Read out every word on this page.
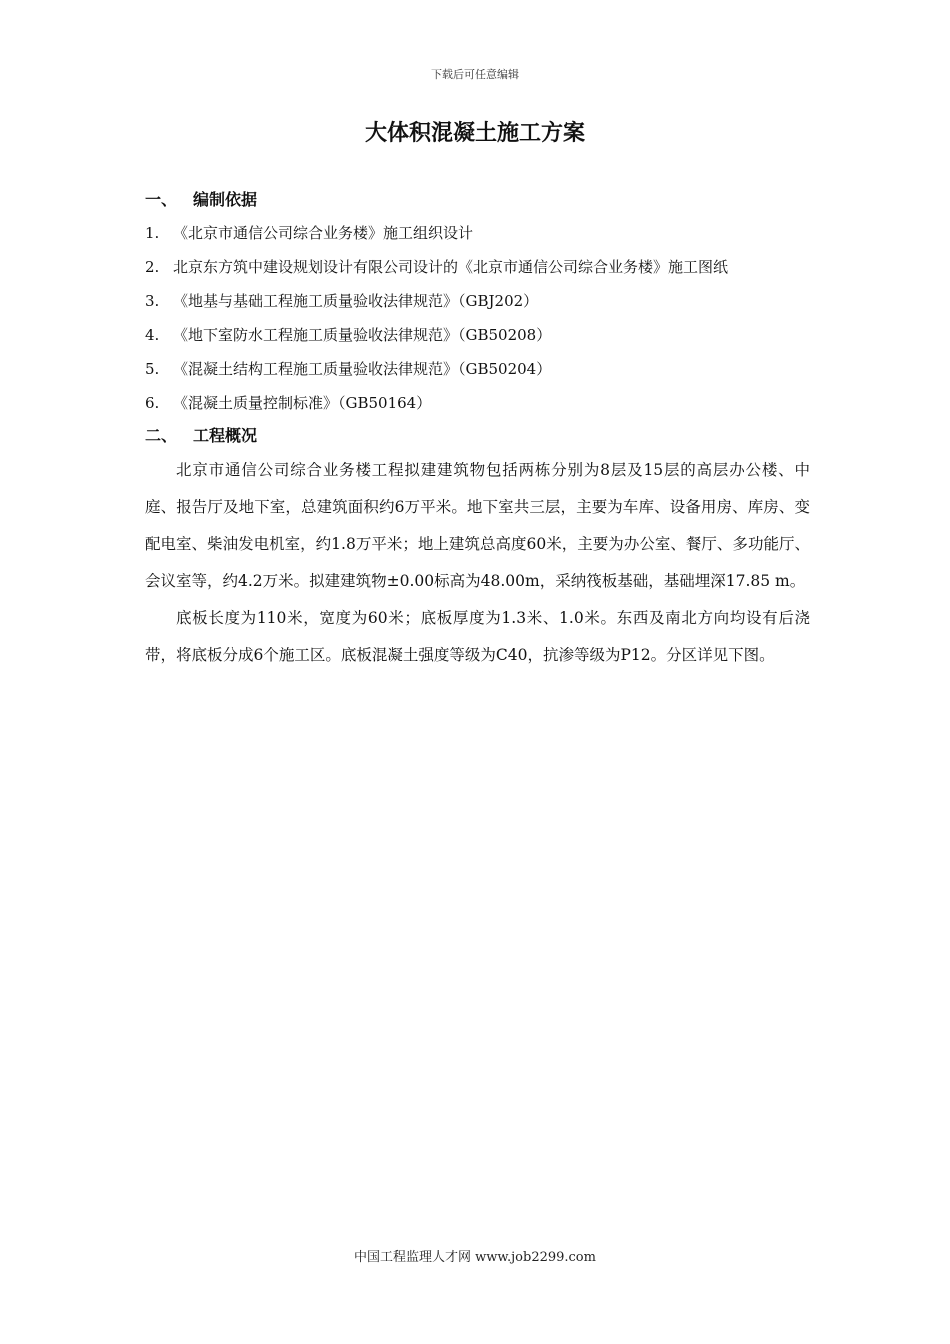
下载后可任意编辑
大体积混凝土施工方案
一、 编制依据
1. 《北京市通信公司综合业务楼》施工组织设计
2. 北京东方筑中建设规划设计有限公司设计的《北京市通信公司综合业务楼》施工图纸
3. 《地基与基础工程施工质量验收法律规范》（GBJ202）
4. 《地下室防水工程施工质量验收法律规范》（GB50208）
5. 《混凝土结构工程施工质量验收法律规范》（GB50204）
6. 《混凝土质量控制标准》（GB50164）
二、 工程概况

北京市通信公司综合业务楼工程拟建建筑物包括两栋分别为8层及15层的高层办公楼、中庭、报告厅及地下室，总建筑面积约6万平米。地下室共三层，主要为车库、设备用房、库房、变配电室、柴油发电机室，约1.8万平米；地上建筑总高度60米，主要为办公室、餐厅、多功能厅、会议室等，约4.2万米。拟建建筑物±0.00标高为48.00m，采纳筏板基础，基础埋深17.85 m。

底板长度为110米，宽度为60米；底板厚度为1.3米、1.0米。东西及南北方向均设有后浇带，将底板分成6个施工区。底板混凝土强度等级为C40，抗渗等级为P12。分区详见下图。

中国工程监理人才网 www.job2299.com
